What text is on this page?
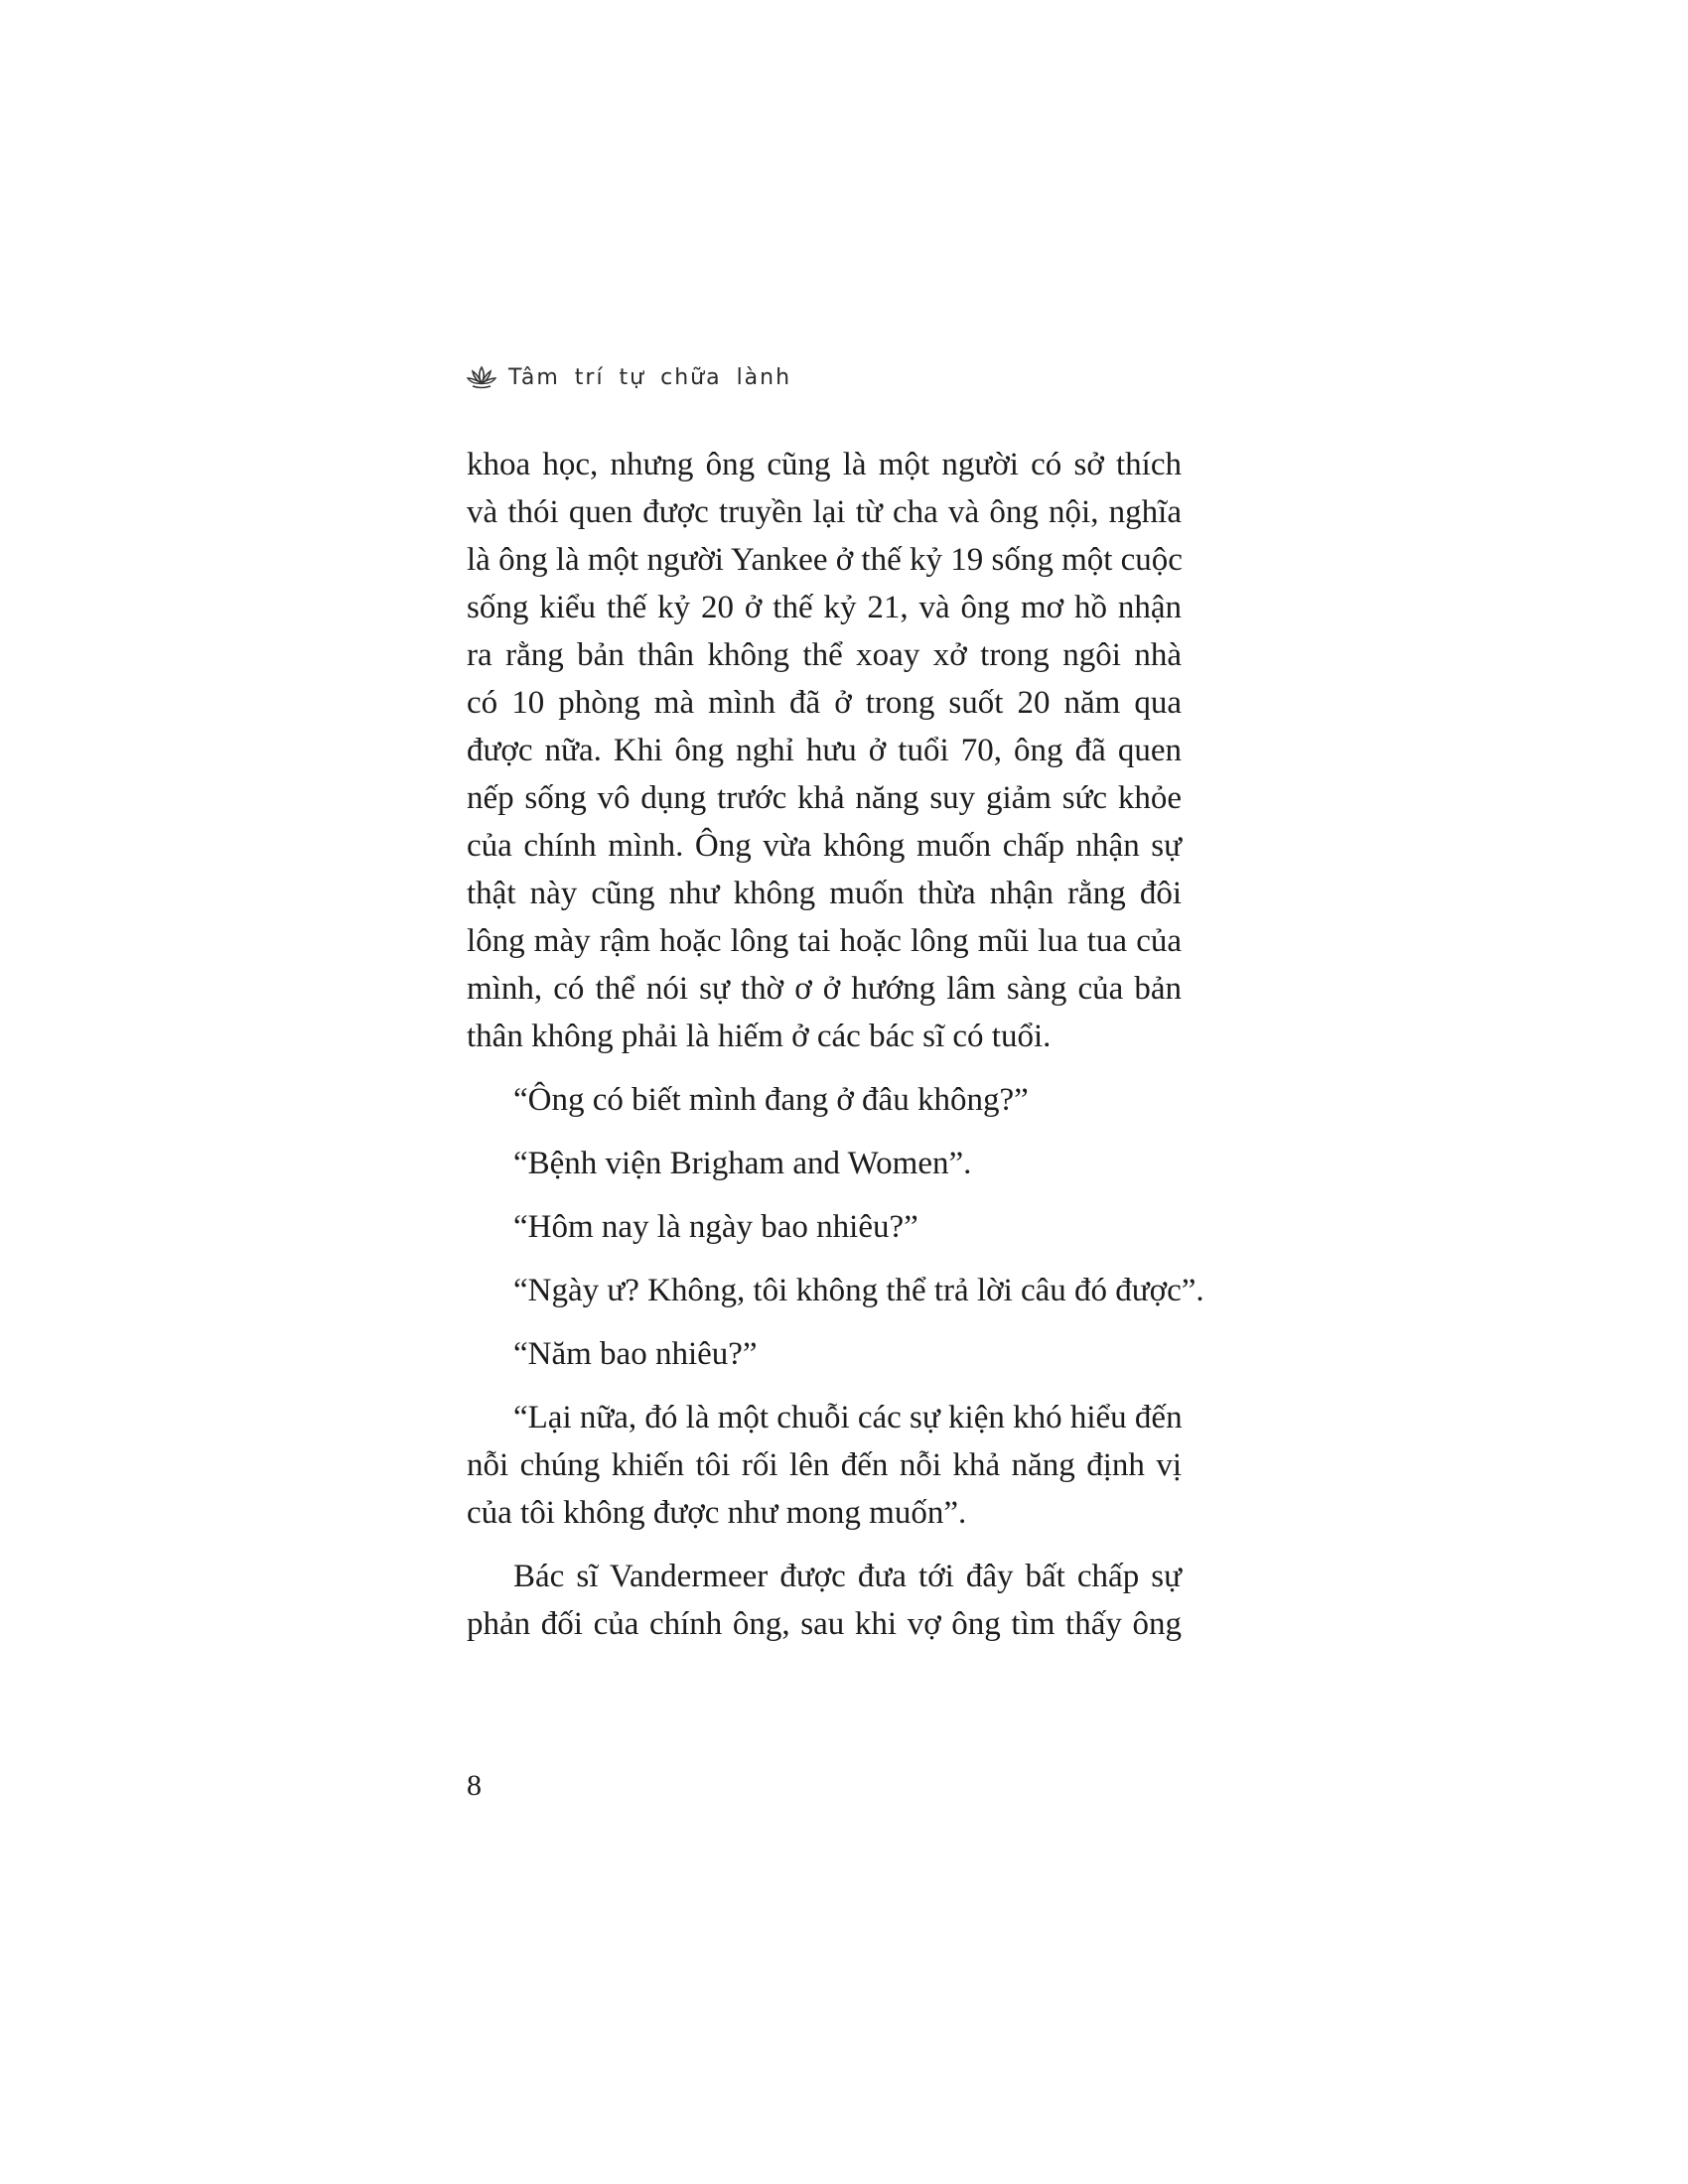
Tâm trí tự chữa lành
khoa học, nhưng ông cũng là một người có sở thích
và thói quen được truyền lại từ cha và ông nội, nghĩa
là ông là một người Yankee ở thế kỷ 19 sống một cuộc
sống kiểu thế kỷ 20 ở thế kỷ 21, và ông mơ hồ nhận
ra rằng bản thân không thể xoay xở trong ngôi nhà
có 10 phòng mà mình đã ở trong suốt 20 năm qua
được nữa. Khi ông nghỉ hưu ở tuổi 70, ông đã quen
nếp sống vô dụng trước khả năng suy giảm sức khỏe
của chính mình. Ông vừa không muốn chấp nhận sự
thật này cũng như không muốn thừa nhận rằng đôi
lông mày rậm hoặc lông tai hoặc lông mũi lua tua của
mình, có thể nói sự thờ ơ ở hướng lâm sàng của bản
thân không phải là hiếm ở các bác sĩ có tuổi.
“Ông có biết mình đang ở đâu không?”
“Bệnh viện Brigham and Women”.
“Hôm nay là ngày bao nhiêu?”
“Ngày ư? Không, tôi không thể trả lời câu đó được”.
“Năm bao nhiêu?”
“Lại nữa, đó là một chuỗi các sự kiện khó hiểu đến
nỗi chúng khiến tôi rối lên đến nỗi khả năng định vị
của tôi không được như mong muốn”.
Bác sĩ Vandermeer được đưa tới đây bất chấp sự
phản đối của chính ông, sau khi vợ ông tìm thấy ông
8
